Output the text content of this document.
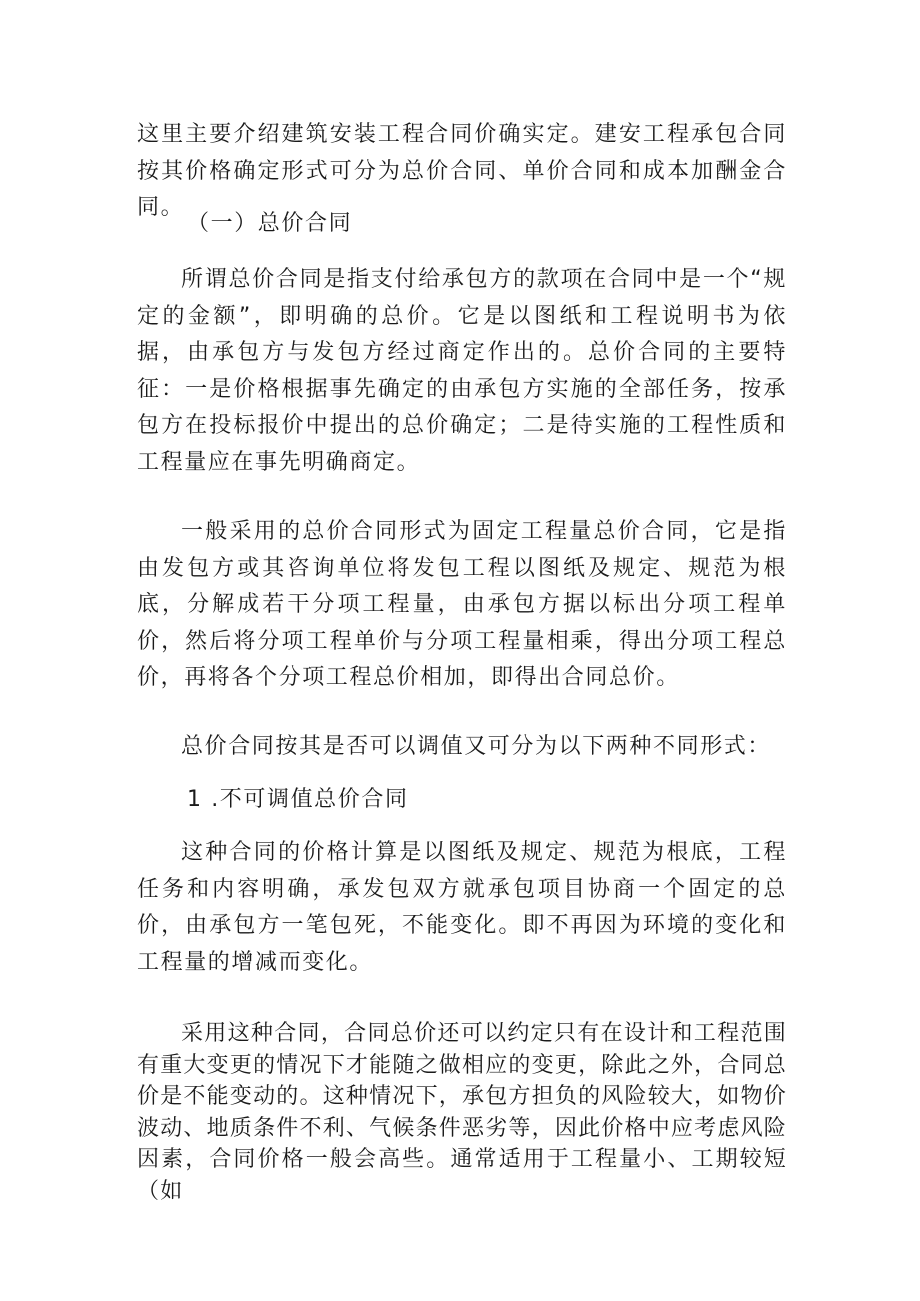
这里主要介绍建筑安装工程合同价确实定。建安工程承包合同按其价格确定形式可分为总价合同、单价合同和成本加酬金合同。

（一）总价合同

所谓总价合同是指支付给承包方的款项在合同中是一个“规定的金额”，即明确的总价。它是以图纸和工程说明书为依据，由承包方与发包方经过商定作出的。总价合同的主要特征：一是价格根据事先确定的由承包方实施的全部任务，按承包方在投标报价中提出的总价确定；二是待实施的工程性质和工程量应在事先明确商定。

一般采用的总价合同形式为固定工程量总价合同，它是指由发包方或其咨询单位将发包工程以图纸及规定、规范为根底，分解成若干分项工程量，由承包方据以标出分项工程单价，然后将分项工程单价与分项工程量相乘，得出分项工程总价，再将各个分项工程总价相加，即得出合同总价。

总价合同按其是否可以调值又可分为以下两种不同形式：

1 .不可调值总价合同

这种合同的价格计算是以图纸及规定、规范为根底，工程任务和内容明确，承发包双方就承包项目协商一个固定的总价，由承包方一笔包死，不能变化。即不再因为环境的变化和工程量的增减而变化。

采用这种合同，合同总价还可以约定只有在设计和工程范围有重大变更的情况下才能随之做相应的变更，除此之外，合同总价是不能变动的。这种情况下，承包方担负的风险较大，如物价波动、地质条件不利、气候条件恶劣等，因此价格中应考虑风险因素，合同价格一般会高些。通常适用于工程量小、工期较短（如
